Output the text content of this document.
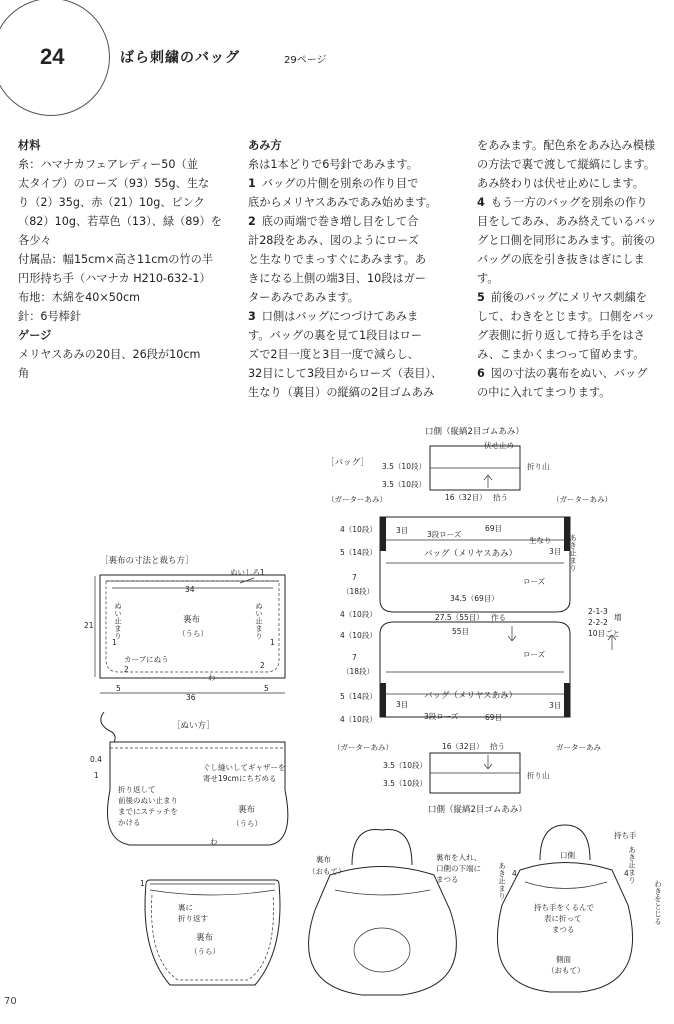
24	ばら刺繍のバッグ	29ページ

材料

糸：ハマナカフェアレディー50（並

太タイプ）のローズ（93）55g、生な

り（2）35g、赤（21）10g、ピンク

（82）10g、若草色（13）、緑（89）を

各少々

付属品：幅15cm×高さ11cmの竹の半

円形持ち手（ハマナカ H210-632-1）

布地：木綿を40×50cm

針：6号棒針

ゲージ

メリヤスあみの20目、26段が10cm

角

あみ方

糸は1本どりで6号針であみます。

1 バッグの片側を別糸の作り目で

底からメリヤスあみであみ始めます。

2 底の両端で巻き増し目をして合

計28段をあみ、図のようにローズ

と生なりでまっすぐにあみます。あ

きになる上側の端3目、10段はガー

ターあみであみます。

3 口側はバッグにつづけてあみま

す。バッグの裏を見て1段目はロー

ズで2目一度と3目一度で減らし、

32目にして3段目からローズ（表目）、

生なり（裏目）の縦縞の2目ゴムあみ

をあみます。配色糸をあみ込み模様

の方法で裏で渡して縦縞にします。

あみ終わりは伏せ止めにします。

4 もう一方のバッグを別糸の作り

目をしてあみ、あみ終えているバッ

グと口側を同形にあみます。前後の

バッグの底を引き抜きはぎにしま

す。

5 前後のバッグにメリヤス刺繍を

して、わきをとじます。口側をバッ

グ表側に折り返して持ち手をはさ

み、こまかくまつって留めます。

6 図の寸法の裏布をぬい、バッグ

の中に入れてまつります。

［裏布の寸法と裁ち方］
ぬいしろ1
34
21
裏布
（うら）
ぬい止まり	ぬい止まり
1	1
カーブにぬう
2	2
わ
5	5
36
［ぬい方］
0.4
1
ぐし縫いしてギャザーを
寄せ19cmにちぢめる
折り返して
前後のぬい止まり
までにステッチを
かける
裏布
（うら）
わ
1
裏に
折り返す
裏布
（うら）
口側（縦縞2目ゴムあみ）
伏せ止め
折り山
［バッグ］ 3.5（10段）
3.5（10段）
16（32目） 拾う
（ガーターあみ）	（ガーターあみ）
4（10段）
5（14段）
7
（18段）
3目 3段ローズ
69目
生なり
3目
バッグ（メリヤスあみ）	あき止まり
ローズ
34.5（69目）
2-1-3
2-2-2
10目ごと
増
27.5（55目） 作る
55目
4（10段）
4（10段）
7
（18段）
ローズ
5（14段）
4（10段）
バッグ（メリヤスあみ）
3目
3段ローズ	69目
3目
（ガーターあみ）	ガーターあみ
16（32目） 拾う
3.5（10段）
3.5（10段）
折り山
口側（縦縞2目ゴムあみ）
裏布
（おもて）
裏布を入れ、
口側の下端に
まつる
持ち手
口側
あき止まり	あき止まり
4	4
わきをとじる
持ち手をくるんで
表に折って
まつる
側面
（おもて）
70
